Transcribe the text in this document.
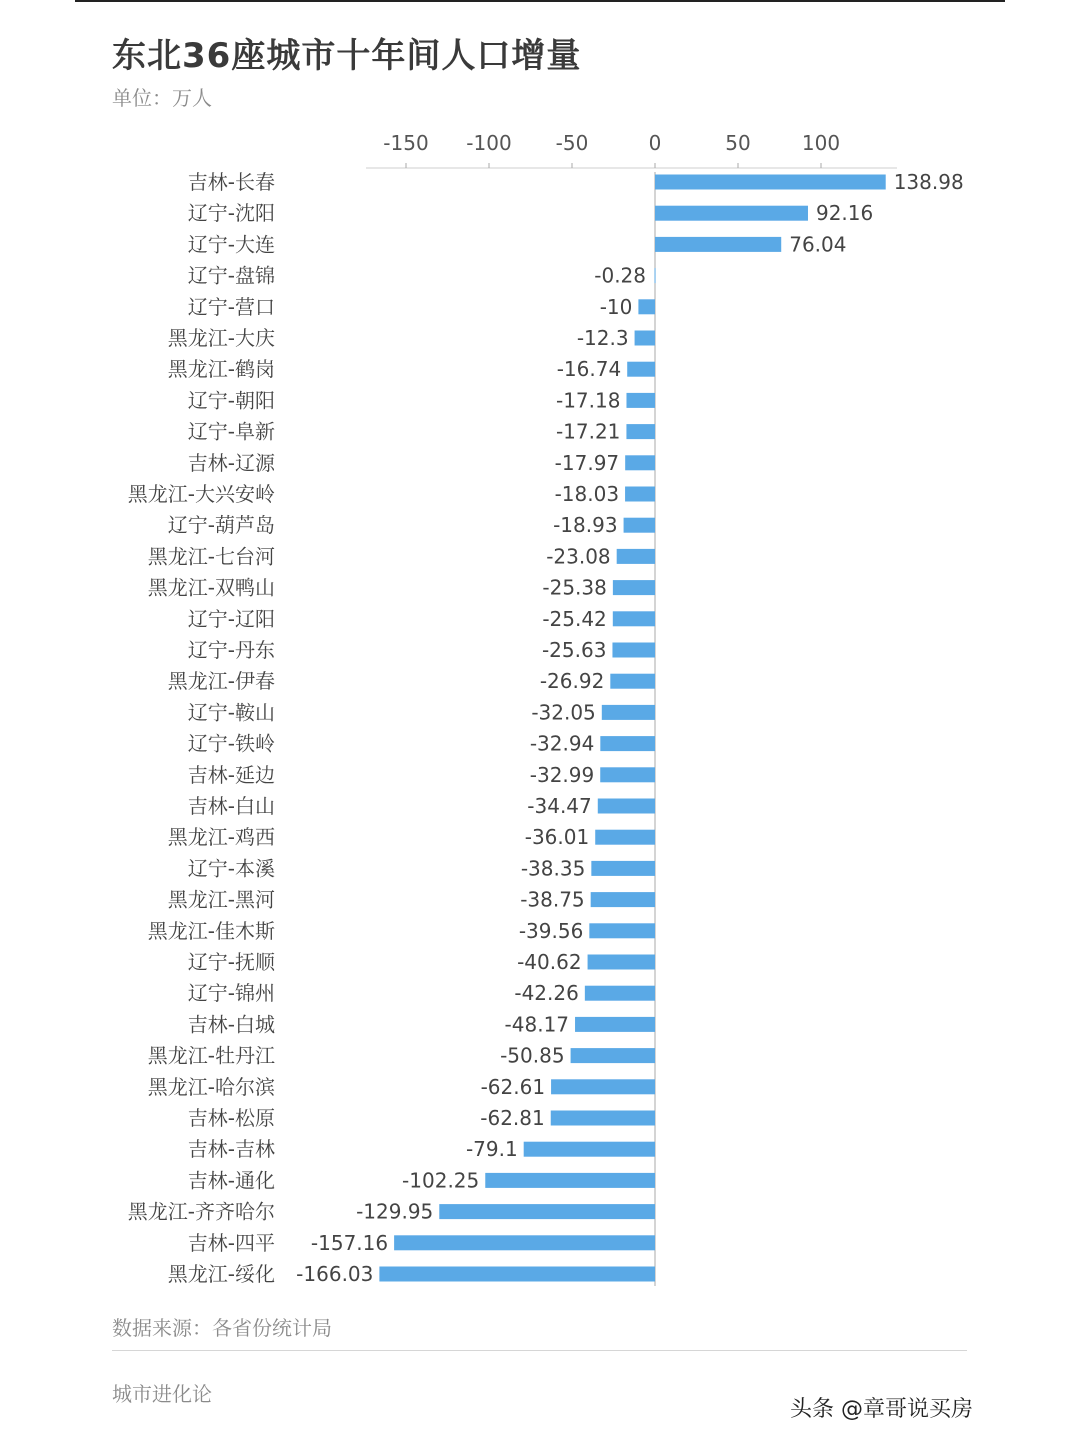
东北36座城市十年间人口增量
单位：万人
-150 -100 -50	0	50	100
吉林-长春	138.98
辽宁-沈阳	92.16
辽宁-大连	76.04
辽宁-盘锦	-0.28
辽宁-营口	-10
黑龙江-大庆	-12.3
黑龙江-鹤岗	-16.74
辽宁-朝阳	-17.18
辽宁-阜新	-17.21
吉林-辽源	-17.97
黑龙江-大兴安岭	-18.03
辽宁-葫芦岛	-18.93
黑龙江-七台河	-23.08
黑龙江-双鸭山	-25.38
辽宁-辽阳	-25.42
辽宁-丹东	-25.63
黑龙江-伊春	-26.92
辽宁-鞍山	-32.05
辽宁-铁岭	-32.94
吉林-延边	-32.99
吉林-白山	-34.47
黑龙江-鸡西	-36.01
辽宁-本溪	-38.35
黑龙江-黑河	-38.75
黑龙江-佳木斯	-39.56
辽宁-抚顺	-40.62
辽宁-锦州	-42.26
吉林-白城	-48.17
黑龙江-牡丹江	-50.85
黑龙江-哈尔滨	-62.61
吉林-松原	-62.81
吉林-吉林	-79.1
吉林-通化	-102.25
黑龙江-齐齐哈尔	-129.95
吉林-四平 -157.16
黑龙江-绥化 -166.03
数据来源：各省份统计局
城市进化论
头条 @章哥说买房
